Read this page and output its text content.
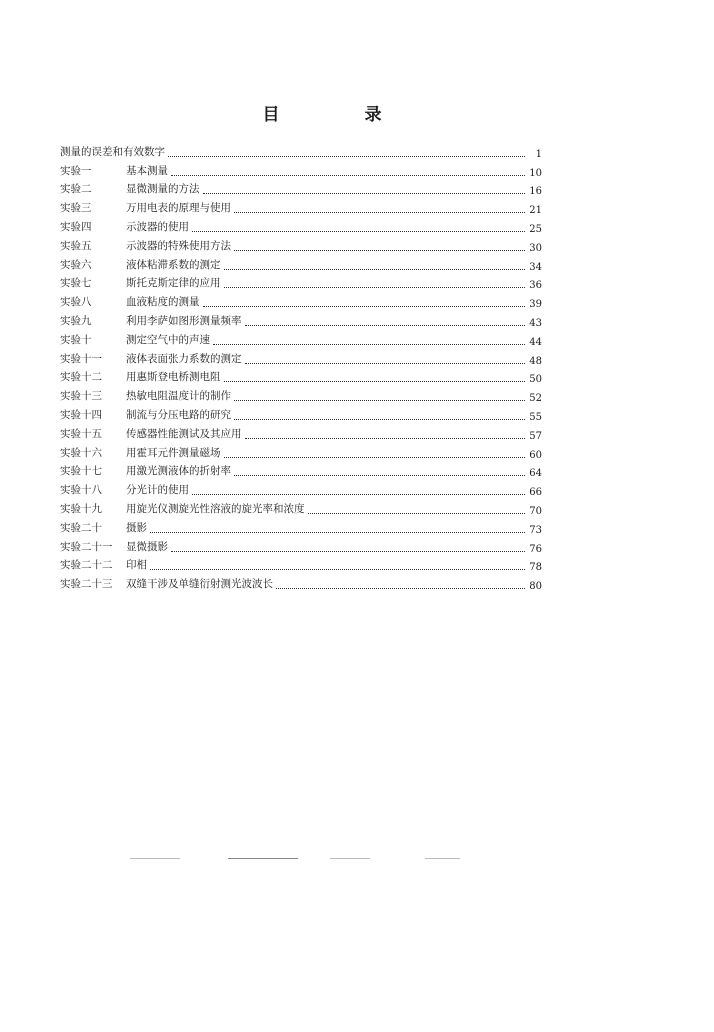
目　录
测量的误差和有效数字	1
实验一	基本测量	10
实验二	显微测量的方法	16
实验三	万用电表的原理与使用	21
实验四	示波器的使用	25
实验五	示波器的特殊使用方法	30
实验六	液体粘滞系数的测定	34
实验七	斯托克斯定律的应用	36
实验八	血液粘度的测量	39
实验九	利用李萨如图形测量频率	43
实验十	测定空气中的声速	44
实验十一 液体表面张力系数的测定	48
实验十二 用惠斯登电桥测电阻	50
实验十三 热敏电阻温度计的制作	52
实验十四 制流与分压电路的研究	55
实验十五 传感器性能测试及其应用	57
实验十六 用霍耳元件测量磁场	60
实验十七 用激光测液体的折射率	64
实验十八 分光计的使用	66
实验十九 用旋光仪测旋光性溶液的旋光率和浓度	70
实验二十 摄影	73
实验二十一 显微摄影	76
实验二十二 印相	78
实验二十三 双缝干涉及单缝衍射测光波波长	80
